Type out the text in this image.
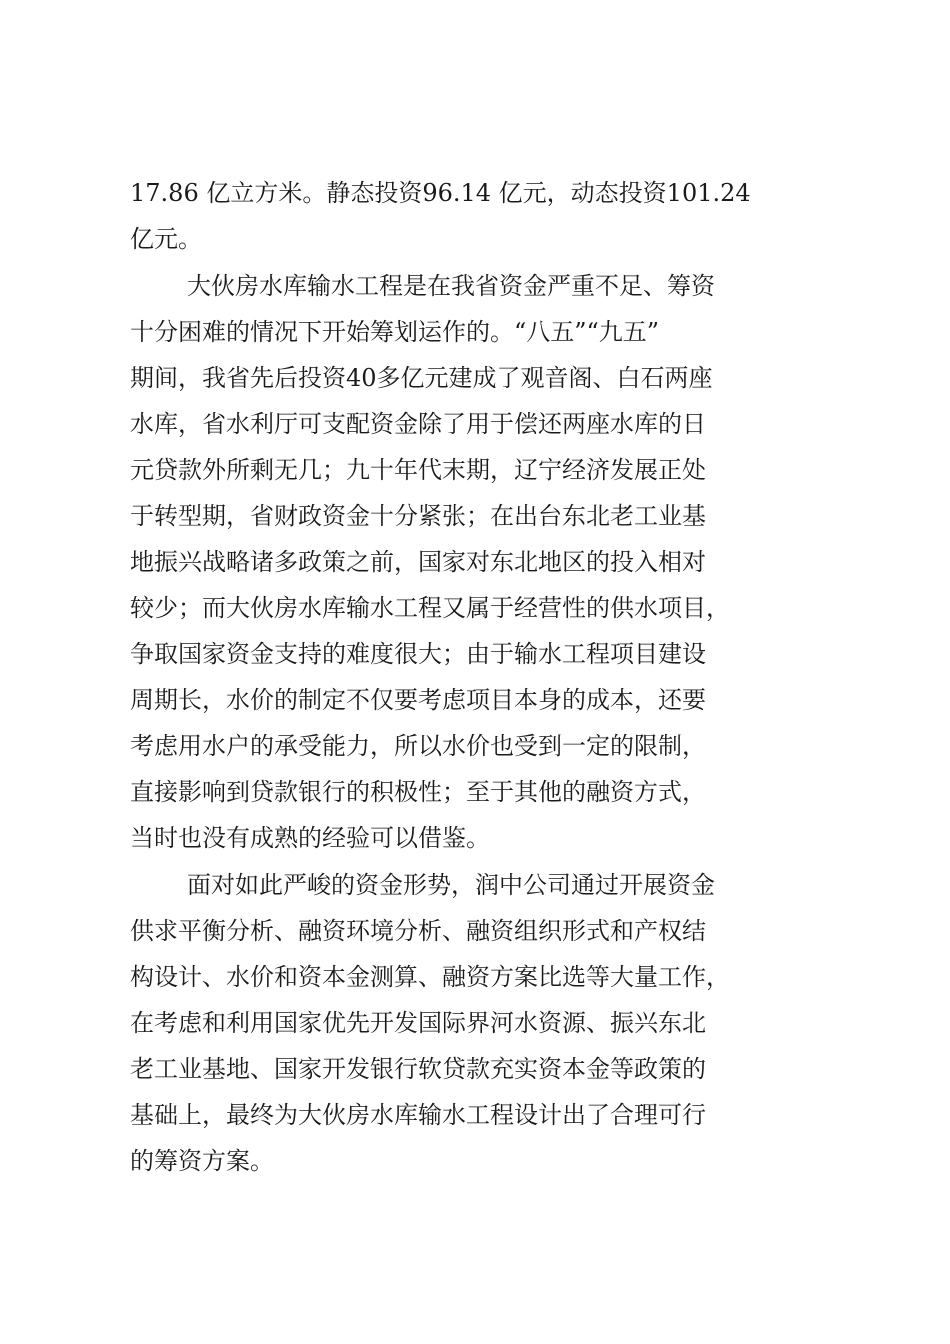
17.86 亿立方米。静态投资96.14 亿元，动态投资101.24

亿元。

大伙房水库输水工程是在我省资金严重不足、筹资

十分困难的情况下开始筹划运作的。“八五”“九五”

期间，我省先后投资40多亿元建成了观音阁、白石两座

水库，省水利厅可支配资金除了用于偿还两座水库的日

元贷款外所剩无几；九十年代末期，辽宁经济发展正处

于转型期，省财政资金十分紧张；在出台东北老工业基

地振兴战略诸多政策之前，国家对东北地区的投入相对

较少；而大伙房水库输水工程又属于经营性的供水项目，

争取国家资金支持的难度很大；由于输水工程项目建设

周期长，水价的制定不仅要考虑项目本身的成本，还要

考虑用水户的承受能力，所以水价也受到一定的限制，

直接影响到贷款银行的积极性；至于其他的融资方式，

当时也没有成熟的经验可以借鉴。

面对如此严峻的资金形势，润中公司通过开展资金

供求平衡分析、融资环境分析、融资组织形式和产权结

构设计、水价和资本金测算、融资方案比选等大量工作，

在考虑和利用国家优先开发国际界河水资源、振兴东北

老工业基地、国家开发银行软贷款充实资本金等政策的

基础上，最终为大伙房水库输水工程设计出了合理可行

的筹资方案。
